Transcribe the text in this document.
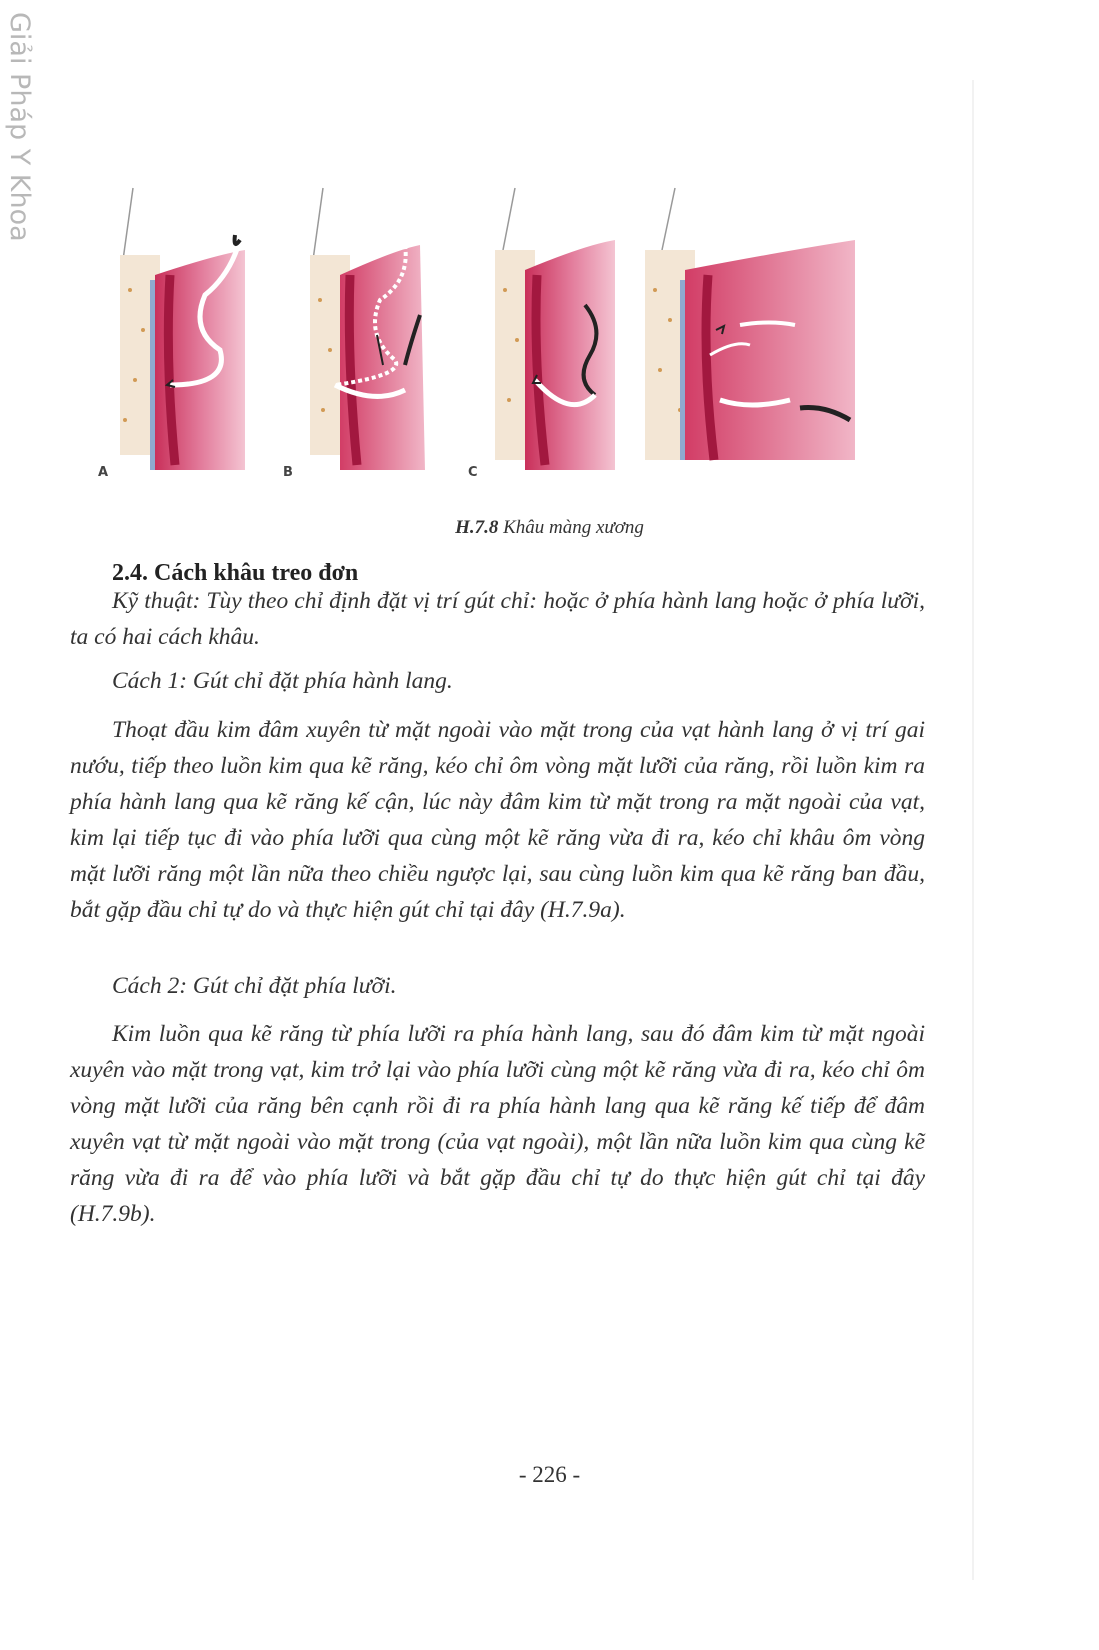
Giải Pháp Y Khoa
A	B	C
H.7.8 Khâu màng xương
2.4. Cách khâu treo đơn

Kỹ thuật: Tùy theo chỉ định đặt vị trí gút chỉ: hoặc ở phía hành lang hoặc ở phía lưỡi, ta có hai cách khâu.

Cách 1: Gút chỉ đặt phía hành lang.

Thoạt đầu kim đâm xuyên từ mặt ngoài vào mặt trong của vạt hành lang ở vị trí gai nướu, tiếp theo luồn kim qua kẽ răng, kéo chỉ ôm vòng mặt lưỡi của răng, rồi luồn kim ra phía hành lang qua kẽ răng kế cận, lúc này đâm kim từ mặt trong ra mặt ngoài của vạt, kim lại tiếp tục đi vào phía lưỡi qua cùng một kẽ răng vừa đi ra, kéo chỉ khâu ôm vòng mặt lưỡi răng một lần nữa theo chiều ngược lại, sau cùng luồn kim qua kẽ răng ban đầu, bắt gặp đầu chỉ tự do và thực hiện gút chỉ tại đây (H.7.9a).

Cách 2: Gút chỉ đặt phía lưỡi.

Kim luồn qua kẽ răng từ phía lưỡi ra phía hành lang, sau đó đâm kim từ mặt ngoài xuyên vào mặt trong vạt, kim trở lại vào phía lưỡi cùng một kẽ răng vừa đi ra, kéo chỉ ôm vòng mặt lưỡi của răng bên cạnh rồi đi ra phía hành lang qua kẽ răng kế tiếp để đâm xuyên vạt từ mặt ngoài vào mặt trong (của vạt ngoài), một lần nữa luồn kim qua cùng kẽ răng vừa đi ra để vào phía lưỡi và bắt gặp đầu chỉ tự do thực hiện gút chỉ tại đây (H.7.9b).

- 226 -
